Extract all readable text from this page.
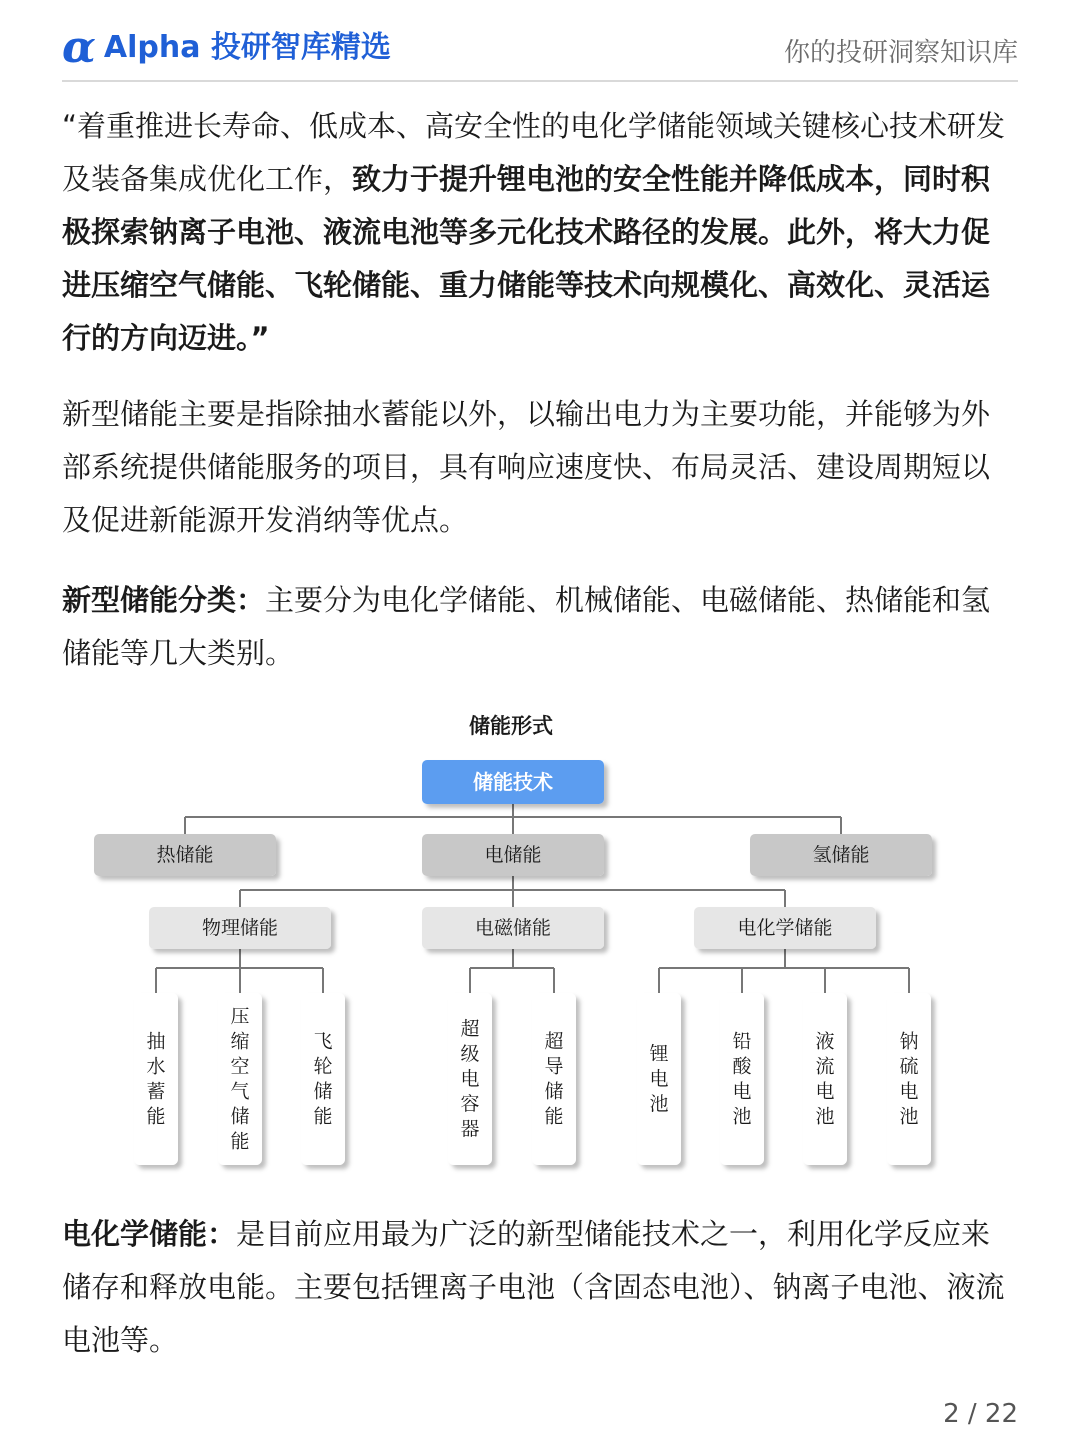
α Alpha 投研智库精选	你的投研洞察知识库

“着重推进长寿命、低成本、高安全性的电化学储能领域关键核心技术研发及装备集成优化工作，致力于提升锂电池的安全性能并降低成本，同时积极探索钠离子电池、液流电池等多元化技术路径的发展。此外，将大力促进压缩空气储能、飞轮储能、重力储能等技术向规模化、高效化、灵活运行的方向迈进。”

新型储能主要是指除抽水蓄能以外，以输出电力为主要功能，并能够为外部系统提供储能服务的项目，具有响应速度快、布局灵活、建设周期短以及促进新能源开发消纳等优点。

新型储能分类：主要分为电化学储能、机械储能、电磁储能、热储能和氢储能等几大类别。

储能形式
储能技术
热储能	电储能	氢储能
物理储能	电磁储能	电化学储能
抽水蓄能
压缩空气储能
飞轮储能
超级电容器
超导储能
锂电池
铅酸电池
液流电池
钠硫电池

电化学储能：是目前应用最为广泛的新型储能技术之一，利用化学反应来储存和释放电能。主要包括锂离子电池（含固态电池）、钠离子电池、液流电池等。

2 / 22
